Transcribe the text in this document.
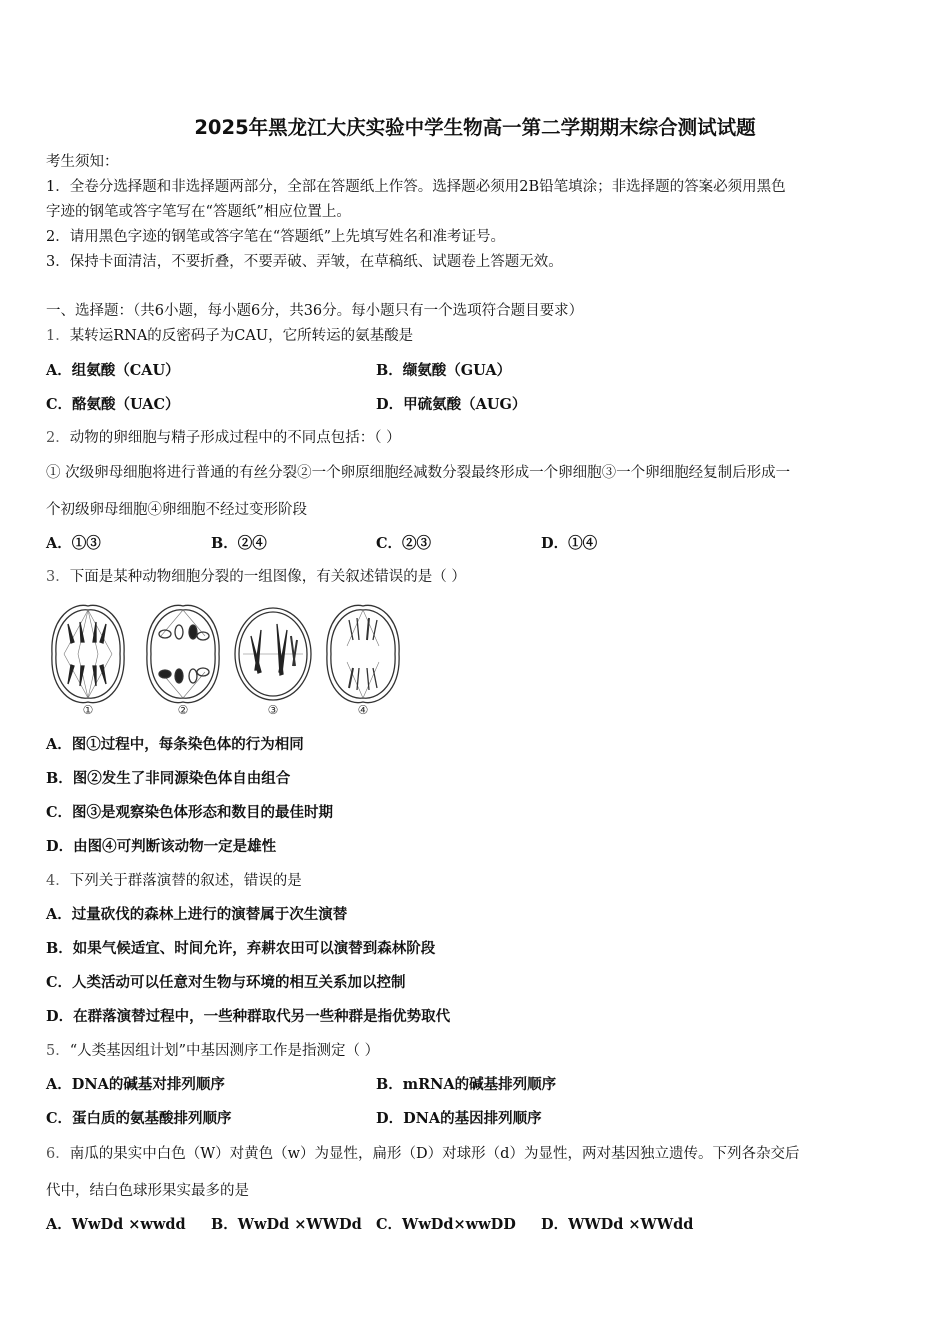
2025年黑龙江大庆实验中学生物高一第二学期期末综合测试试题
考生须知：
1．全卷分选择题和非选择题两部分，全部在答题纸上作答。选择题必须用2B铅笔填涂；非选择题的答案必须用黑色
字迹的钢笔或答字笔写在“答题纸”相应位置上。
2．请用黑色字迹的钢笔或答字笔在“答题纸”上先填写姓名和准考证号。
3．保持卡面清洁，不要折叠，不要弄破、弄皱，在草稿纸、试题卷上答题无效。
一、选择题：（共6小题，每小题6分，共36分。每小题只有一个选项符合题目要求）
1．某转运RNA的反密码子为CAU，它所转运的氨基酸是
A．组氨酸（CAU）	B．缬氨酸（GUA）
C．酪氨酸（UAC）	D．甲硫氨酸（AUG）
2．动物的卵细胞与精子形成过程中的不同点包括：（ ）
① 次级卵母细胞将进行普通的有丝分裂②一个卵原细胞经减数分裂最终形成一个卵细胞③一个卵细胞经复制后形成一
个初级卵母细胞④卵细胞不经过变形阶段
A．①③	B．②④	C．②③	D．①④
3．下面是某种动物细胞分裂的一组图像，有关叙述错误的是（ ）
①	②	③	④
A．图①过程中，每条染色体的行为相同
B．图②发生了非同源染色体自由组合
C．图③是观察染色体形态和数目的最佳时期
D．由图④可判断该动物一定是雄性
4．下列关于群落演替的叙述，错误的是
A．过量砍伐的森林上进行的演替属于次生演替
B．如果气候适宜、时间允许，弃耕农田可以演替到森林阶段
C．人类活动可以任意对生物与环境的相互关系加以控制
D．在群落演替过程中，一些种群取代另一些种群是指优势取代
5．“人类基因组计划”中基因测序工作是指测定（ ）
A．DNA的碱基对排列顺序	B．mRNA的碱基排列顺序
C．蛋白质的氨基酸排列顺序	D．DNA的基因排列顺序
6．南瓜的果实中白色（W）对黄色（w）为显性，扁形（D）对球形（d）为显性，两对基因独立遗传。下列各杂交后
代中，结白色球形果实最多的是
A．WwDd ×wwdd B．WwDd ×WWDd C．WwDd×wwDD D．WWDd ×WWdd
